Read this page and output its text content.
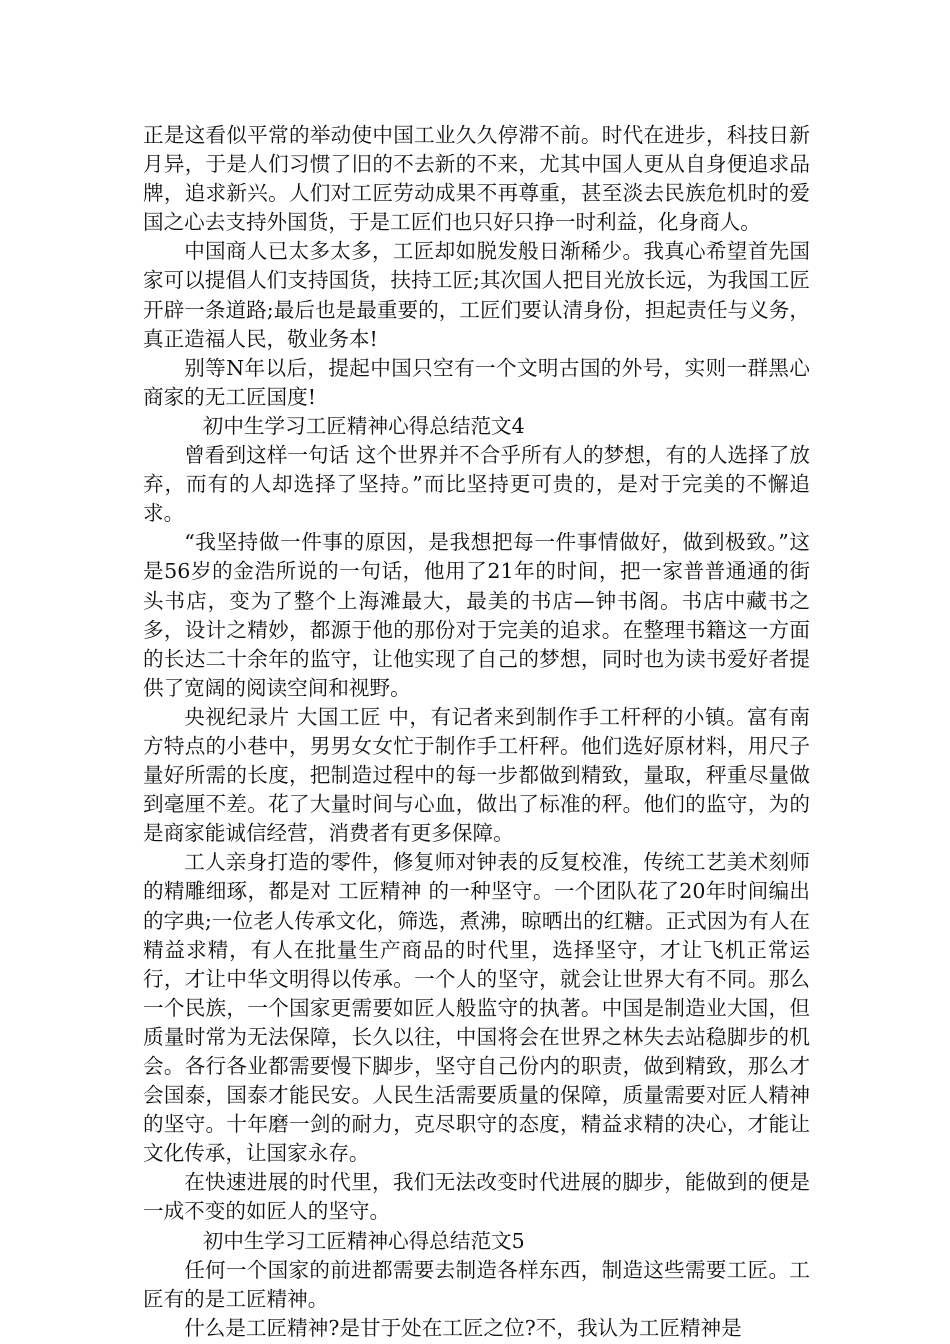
正是这看似平常的举动使中国工业久久停滞不前。时代在进步，科技日新月异，于是人们习惯了旧的不去新的不来，尤其中国人更从自身便追求品牌，追求新兴。人们对工匠劳动成果不再尊重，甚至淡去民族危机时的爱国之心去支持外国货，于是工匠们也只好只挣一时利益，化身商人。

中国商人已太多太多，工匠却如脱发般日渐稀少。我真心希望首先国家可以提倡人们支持国货，扶持工匠;其次国人把目光放长远，为我国工匠开辟一条道路;最后也是最重要的，工匠们要认清身份，担起责任与义务，真正造福人民，敬业务本!

别等N年以后，提起中国只空有一个文明古国的外号，实则一群黑心商家的无工匠国度!

初中生学习工匠精神心得总结范文4

曾看到这样一句话 这个世界并不合乎所有人的梦想，有的人选择了放弃，而有的人却选择了坚持。”而比坚持更可贵的，是对于完美的不懈追求。

“我坚持做一件事的原因，是我想把每一件事情做好，做到极致。”这是56岁的金浩所说的一句话，他用了21年的时间，把一家普普通通的街头书店，变为了整个上海滩最大，最美的书店—钟书阁。书店中藏书之多，设计之精妙，都源于他的那份对于完美的追求。在整理书籍这一方面的长达二十余年的监守，让他实现了自己的梦想，同时也为读书爱好者提供了宽阔的阅读空间和视野。

央视纪录片 大国工匠 中，有记者来到制作手工杆秤的小镇。富有南方特点的小巷中，男男女女忙于制作手工杆秤。他们选好原材料，用尺子量好所需的长度，把制造过程中的每一步都做到精致，量取，秤重尽量做到毫厘不差。花了大量时间与心血，做出了标准的秤。他们的监守，为的是商家能诚信经营，消费者有更多保障。

工人亲身打造的零件，修复师对钟表的反复校准，传统工艺美术刻师的精雕细琢，都是对 工匠精神 的一种坚守。一个团队花了20年时间编出的字典;一位老人传承文化，筛选，煮沸，晾晒出的红糖。正式因为有人在精益求精，有人在批量生产商品的时代里，选择坚守，才让飞机正常运行，才让中华文明得以传承。一个人的坚守，就会让世界大有不同。那么一个民族，一个国家更需要如匠人般监守的执著。中国是制造业大国，但质量时常为无法保障，长久以往，中国将会在世界之林失去站稳脚步的机会。各行各业都需要慢下脚步，坚守自己份内的职责，做到精致，那么才会国泰，国泰才能民安。人民生活需要质量的保障，质量需要对匠人精神的坚守。十年磨一剑的耐力，克尽职守的态度，精益求精的决心，才能让文化传承，让国家永存。

在快速进展的时代里，我们无法改变时代进展的脚步，能做到的便是一成不变的如匠人的坚守。

初中生学习工匠精神心得总结范文5

任何一个国家的前进都需要去制造各样东西，制造这些需要工匠。工匠有的是工匠精神。

什么是工匠精神?是甘于处在工匠之位?不，我认为工匠精神是
